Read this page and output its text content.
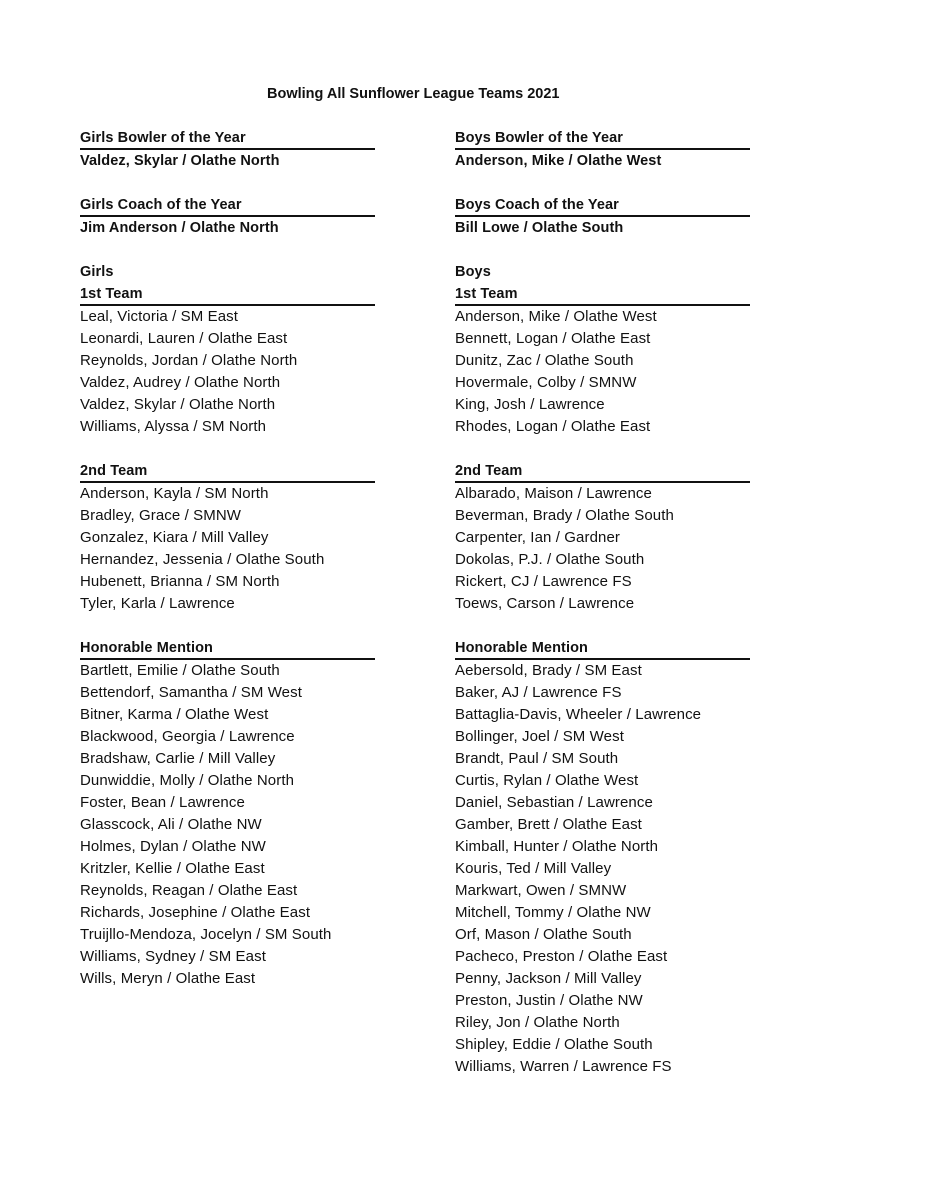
Bowling All Sunflower League Teams 2021
Girls Bowler of the Year
Valdez, Skylar / Olathe North
Girls Coach of the Year
Jim Anderson / Olathe North
Girls
1st Team
Leal, Victoria / SM East
Leonardi, Lauren / Olathe East
Reynolds, Jordan / Olathe North
Valdez, Audrey / Olathe North
Valdez, Skylar / Olathe North
Williams, Alyssa / SM North
2nd Team
Anderson, Kayla / SM North
Bradley, Grace / SMNW
Gonzalez, Kiara / Mill Valley
Hernandez, Jessenia / Olathe South
Hubenett, Brianna / SM North
Tyler, Karla / Lawrence
Honorable Mention
Bartlett, Emilie / Olathe South
Bettendorf, Samantha / SM West
Bitner, Karma / Olathe West
Blackwood, Georgia / Lawrence
Bradshaw, Carlie / Mill Valley
Dunwiddie, Molly / Olathe North
Foster, Bean / Lawrence
Glasscock, Ali / Olathe NW
Holmes, Dylan / Olathe NW
Kritzler, Kellie / Olathe East
Reynolds, Reagan / Olathe East
Richards, Josephine / Olathe East
Truijllo-Mendoza, Jocelyn / SM South
Williams, Sydney / SM East
Wills, Meryn / Olathe East
Boys Bowler of the Year
Anderson, Mike / Olathe West
Boys Coach of the Year
Bill Lowe / Olathe South
Boys
1st Team
Anderson, Mike / Olathe West
Bennett, Logan / Olathe East
Dunitz, Zac / Olathe South
Hovermale, Colby / SMNW
King, Josh / Lawrence
Rhodes, Logan / Olathe East
2nd Team
Albarado, Maison / Lawrence
Beverman, Brady / Olathe South
Carpenter, Ian / Gardner
Dokolas, P.J. / Olathe South
Rickert, CJ / Lawrence FS
Toews, Carson / Lawrence
Honorable Mention
Aebersold, Brady / SM East
Baker, AJ / Lawrence FS
Battaglia-Davis, Wheeler / Lawrence
Bollinger, Joel / SM West
Brandt, Paul / SM South
Curtis, Rylan / Olathe West
Daniel, Sebastian / Lawrence
Gamber, Brett / Olathe East
Kimball, Hunter / Olathe North
Kouris, Ted / Mill Valley
Markwart, Owen / SMNW
Mitchell, Tommy / Olathe NW
Orf, Mason / Olathe South
Pacheco, Preston / Olathe East
Penny, Jackson / Mill Valley
Preston, Justin / Olathe NW
Riley, Jon / Olathe North
Shipley, Eddie / Olathe South
Williams, Warren / Lawrence FS
